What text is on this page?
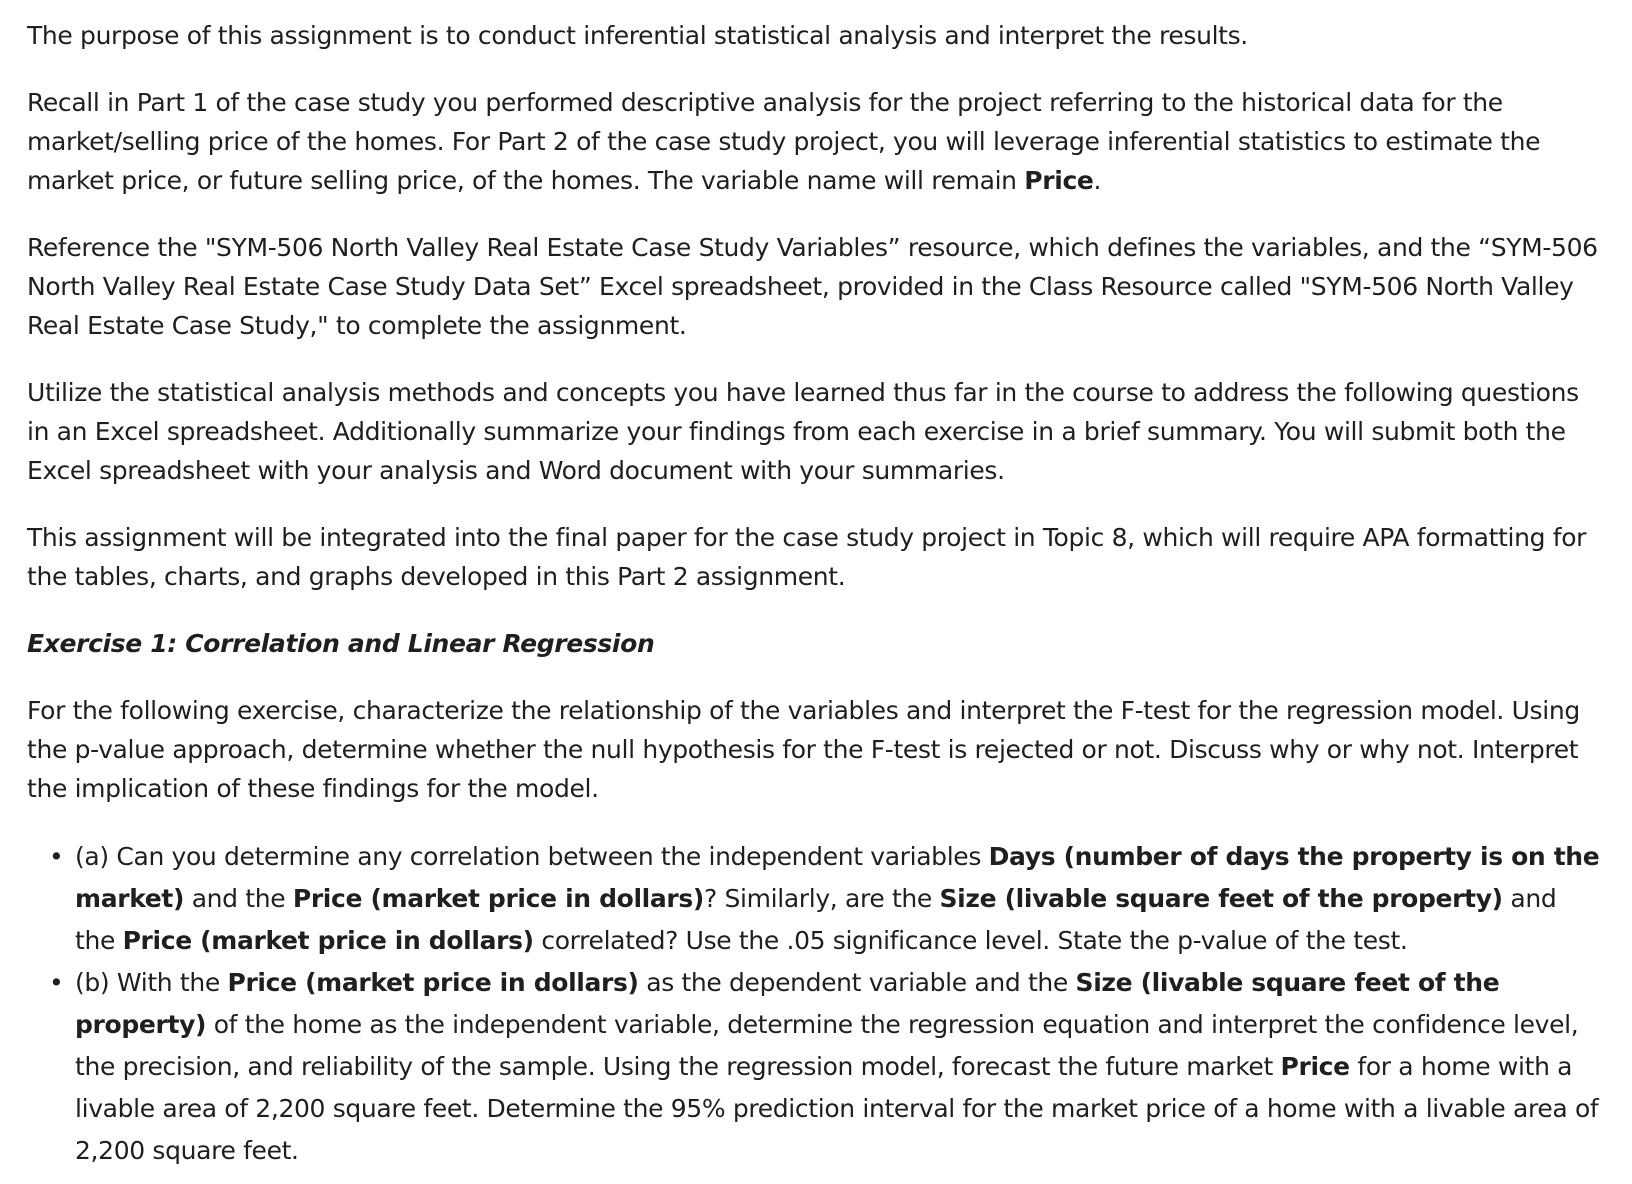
The purpose of this assignment is to conduct inferential statistical analysis and interpret the results.

Recall in Part 1 of the case study you performed descriptive analysis for the project referring to the historical data for the market/selling price of the homes. For Part 2 of the case study project, you will leverage inferential statistics to estimate the market price, or future selling price, of the homes. The variable name will remain Price.

Reference the "SYM-506 North Valley Real Estate Case Study Variables” resource, which defines the variables, and the “SYM-506 North Valley Real Estate Case Study Data Set” Excel spreadsheet, provided in the Class Resource called "SYM-506 North Valley Real Estate Case Study," to complete the assignment.

Utilize the statistical analysis methods and concepts you have learned thus far in the course to address the following questions in an Excel spreadsheet. Additionally summarize your findings from each exercise in a brief summary. You will submit both the Excel spreadsheet with your analysis and Word document with your summaries.

This assignment will be integrated into the final paper for the case study project in Topic 8, which will require APA formatting for the tables, charts, and graphs developed in this Part 2 assignment.

Exercise 1: Correlation and Linear Regression

For the following exercise, characterize the relationship of the variables and interpret the F-test for the regression model. Using the p-value approach, determine whether the null hypothesis for the F-test is rejected or not. Discuss why or why not. Interpret the implication of these findings for the model.

• (a) Can you determine any correlation between the independent variables Days (number of days the property is on the market) and the Price (market price in dollars)? Similarly, are the Size (livable square feet of the property) and the Price (market price in dollars) correlated? Use the .05 significance level. State the p-value of the test.
• (b) With the Price (market price in dollars) as the dependent variable and the Size (livable square feet of the property) of the home as the independent variable, determine the regression equation and interpret the confidence level, the precision, and reliability of the sample. Using the regression model, forecast the future market Price for a home with a livable area of 2,200 square feet. Determine the 95% prediction interval for the market price of a home with a livable area of 2,200 square feet.
